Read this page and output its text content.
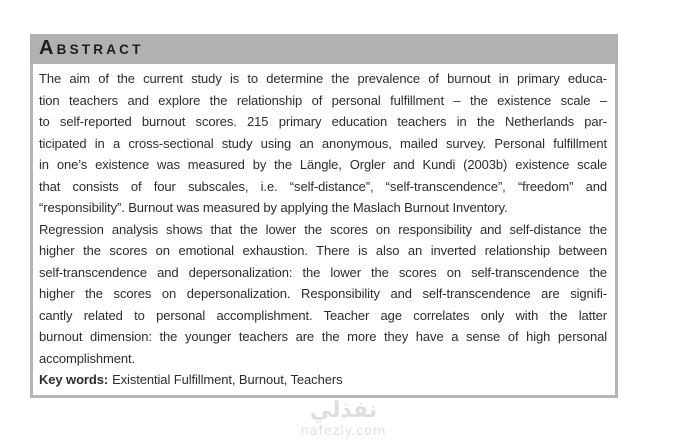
ABSTRACT
The aim of the current study is to determine the prevalence of burnout in primary educa-
tion teachers and explore the relationship of personal fulfillment – the existence scale –
to self-reported burnout scores. 215 primary education teachers in the Netherlands par-
ticipated in a cross-sectional study using an anonymous, mailed survey. Personal fulfillment
in one’s existence was measured by the Längle, Orgler and Kundi (2003b) existence scale
that consists of four subscales, i.e. “self-distance”, “self-transcendence”, “freedom” and
“responsibility”. Burnout was measured by applying the Maslach Burnout Inventory.
Regression analysis shows that the lower the scores on responsibility and self-distance the
higher the scores on emotional exhaustion. There is also an inverted relationship between
self-transcendence and depersonalization: the lower the scores on self-transcendence the
higher the scores on depersonalization. Responsibility and self-transcendence are signifi-
cantly related to personal accomplishment. Teacher age correlates only with the latter
burnout dimension: the younger teachers are the more they have a sense of high personal
accomplishment.
Key words: Existential Fulfillment, Burnout, Teachers
نفذلي
nafezly.com
